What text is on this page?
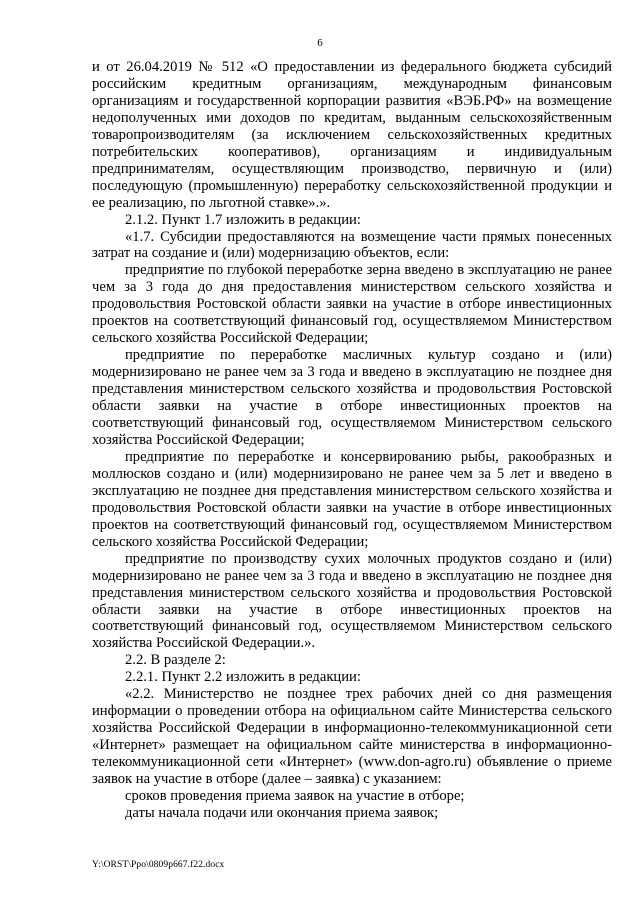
6

и от 26.04.2019 № 512 «О предоставлении из федерального бюджета субсидий российским кредитным организациям, международным финансовым организациям и государственной корпорации развития «ВЭБ.РФ» на возмещение недополученных ими доходов по кредитам, выданным сельскохозяйственным товаропроизводителям (за исключением сельскохозяйственных кредитных потребительских кооперативов), организациям и индивидуальным предпринимателям, осуществляющим производство, первичную и (или) последующую (промышленную) переработку сельскохозяйственной продукции и ее реализацию, по льготной ставке».».

2.1.2. Пункт 1.7 изложить в редакции:

«1.7. Субсидии предоставляются на возмещение части прямых понесенных затрат на создание и (или) модернизацию объектов, если:

предприятие по глубокой переработке зерна введено в эксплуатацию не ранее чем за 3 года до дня предоставления министерством сельского хозяйства и продовольствия Ростовской области заявки на участие в отборе инвестиционных проектов на соответствующий финансовый год, осуществляемом Министерством сельского хозяйства Российской Федерации;

предприятие по переработке масличных культур создано и (или) модернизировано не ранее чем за 3 года и введено в эксплуатацию не позднее дня представления министерством сельского хозяйства и продовольствия Ростовской области заявки на участие в отборе инвестиционных проектов на соответствующий финансовый год, осуществляемом Министерством сельского хозяйства Российской Федерации;

предприятие по переработке и консервированию рыбы, ракообразных и моллюсков создано и (или) модернизировано не ранее чем за 5 лет и введено в эксплуатацию не позднее дня представления министерством сельского хозяйства и продовольствия Ростовской области заявки на участие в отборе инвестиционных проектов на соответствующий финансовый год, осуществляемом Министерством сельского хозяйства Российской Федерации;

предприятие по производству сухих молочных продуктов создано и (или) модернизировано не ранее чем за 3 года и введено в эксплуатацию не позднее дня представления министерством сельского хозяйства и продовольствия Ростовской области заявки на участие в отборе инвестиционных проектов на соответствующий финансовый год, осуществляемом Министерством сельского хозяйства Российской Федерации.».

2.2. В разделе 2:

2.2.1. Пункт 2.2 изложить в редакции:

«2.2. Министерство не позднее трех рабочих дней со дня размещения информации о проведении отбора на официальном сайте Министерства сельского хозяйства Российской Федерации в информационно-телекоммуникационной сети «Интернет» размещает на официальном сайте министерства в информационно-телекоммуникационной сети «Интернет» (www.don-agro.ru) объявление о приеме заявок на участие в отборе (далее – заявка) с указанием:

сроков проведения приема заявок на участие в отборе;

даты начала подачи или окончания приема заявок;

Y:\ORST\Ppo\0809p667.f22.docx
